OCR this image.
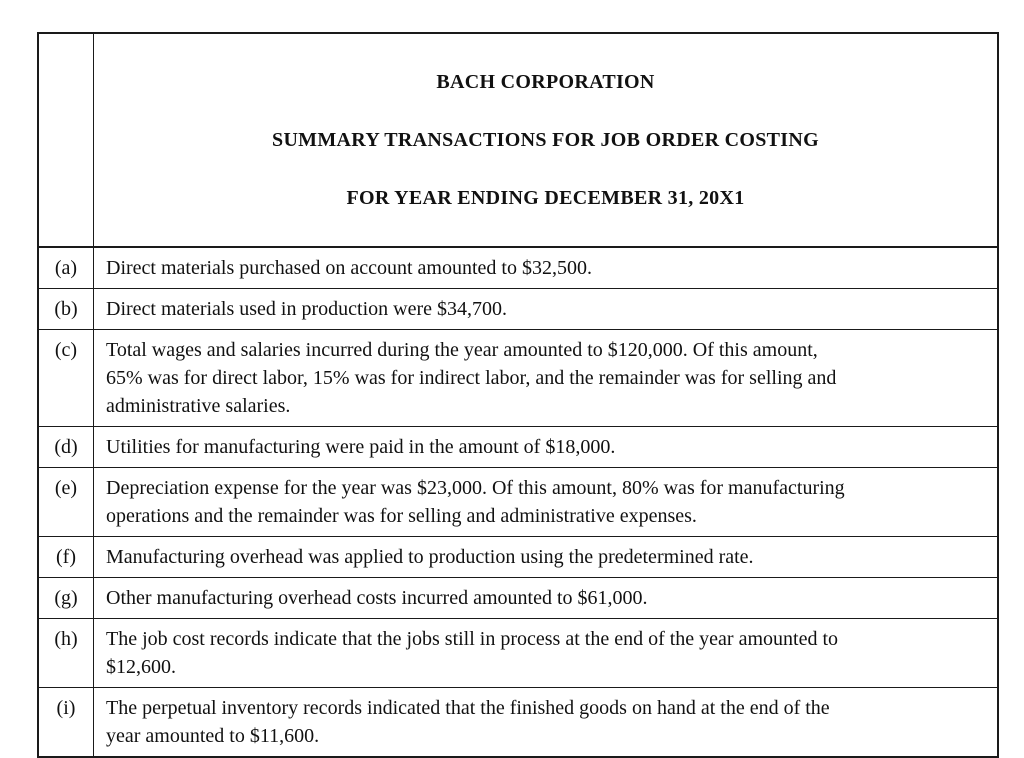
BACH CORPORATION

SUMMARY TRANSACTIONS FOR JOB ORDER COSTING

FOR YEAR ENDING DECEMBER 31, 20X1

(a)	Direct materials purchased on account amounted to $32,500.
(b)	Direct materials used in production were $34,700.
(c)	Total wages and salaries incurred during the year amounted to $120,000. Of this amount,
65% was for direct labor, 15% was for indirect labor, and the remainder was for selling and
administrative salaries.
(d)	Utilities for manufacturing were paid in the amount of $18,000.
(e)	Depreciation expense for the year was $23,000. Of this amount, 80% was for manufacturing
operations and the remainder was for selling and administrative expenses.
(f)	Manufacturing overhead was applied to production using the predetermined rate.
(g)	Other manufacturing overhead costs incurred amounted to $61,000.
(h)	The job cost records indicate that the jobs still in process at the end of the year amounted to
$12,600.
(i)	The perpetual inventory records indicated that the finished goods on hand at the end of the
year amounted to $11,600.
